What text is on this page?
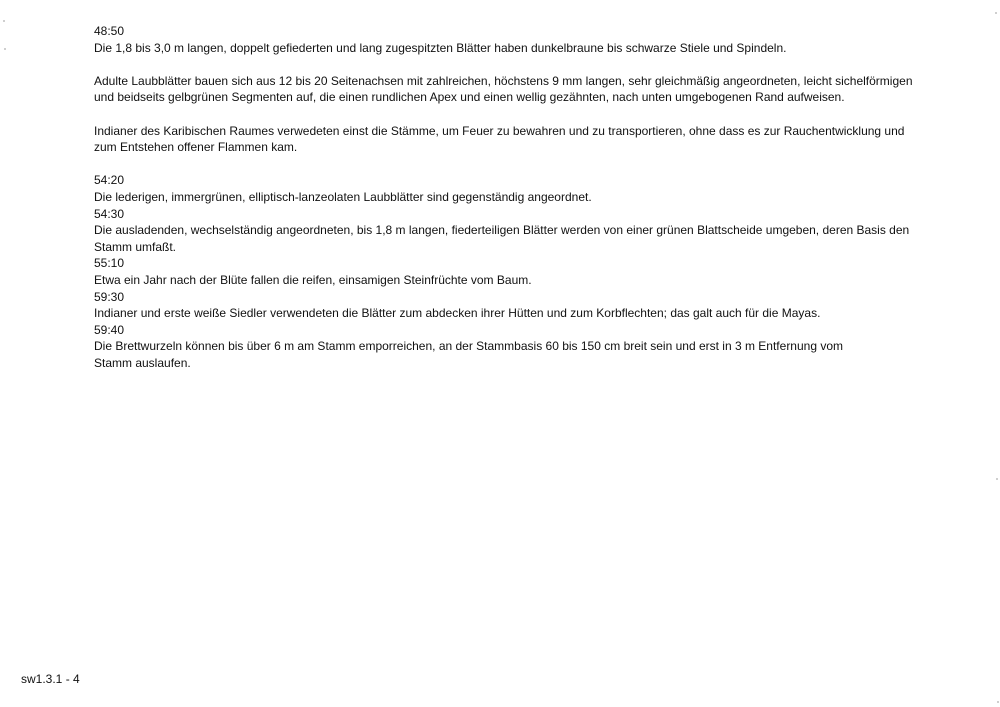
48:50
Die 1,8 bis 3,0 m langen, doppelt gefiederten und lang zugespitzten Blätter haben dunkelbraune bis schwarze Stiele und Spindeln.
Adulte Laubblätter bauen sich aus 12 bis 20 Seitenachsen mit zahlreichen, höchstens 9 mm langen, sehr gleichmäßig angeordneten, leicht sichelförmigen
und beidseits gelbgrünen Segmenten auf, die einen rundlichen Apex und einen wellig gezähnten, nach unten umgebogenen Rand aufweisen.
Indianer des Karibischen Raumes verwedeten einst die Stämme, um Feuer zu bewahren und zu transportieren, ohne dass es zur Rauchentwicklung und
zum Entstehen offener Flammen kam.
54:20
Die lederigen, immergrünen, elliptisch-lanzeolaten Laubblätter sind gegenständig angeordnet.
54:30
Die ausladenden, wechselständig angeordneten, bis 1,8 m langen, fiederteiligen Blätter werden von einer grünen Blattscheide umgeben, deren Basis den
Stamm umfaßt.
55:10
Etwa ein Jahr nach der Blüte fallen die reifen, einsamigen Steinfrüchte vom Baum.
59:30
Indianer und erste weiße Siedler verwendeten die Blätter zum abdecken ihrer Hütten und zum Korbflechten; das galt auch für die Mayas.
59:40
Die Brettwurzeln können bis über 6 m am Stamm emporreichen, an der Stammbasis 60 bis 150 cm breit sein und erst in 3 m Entfernung vom
Stamm auslaufen.
sw1.3.1 - 4
